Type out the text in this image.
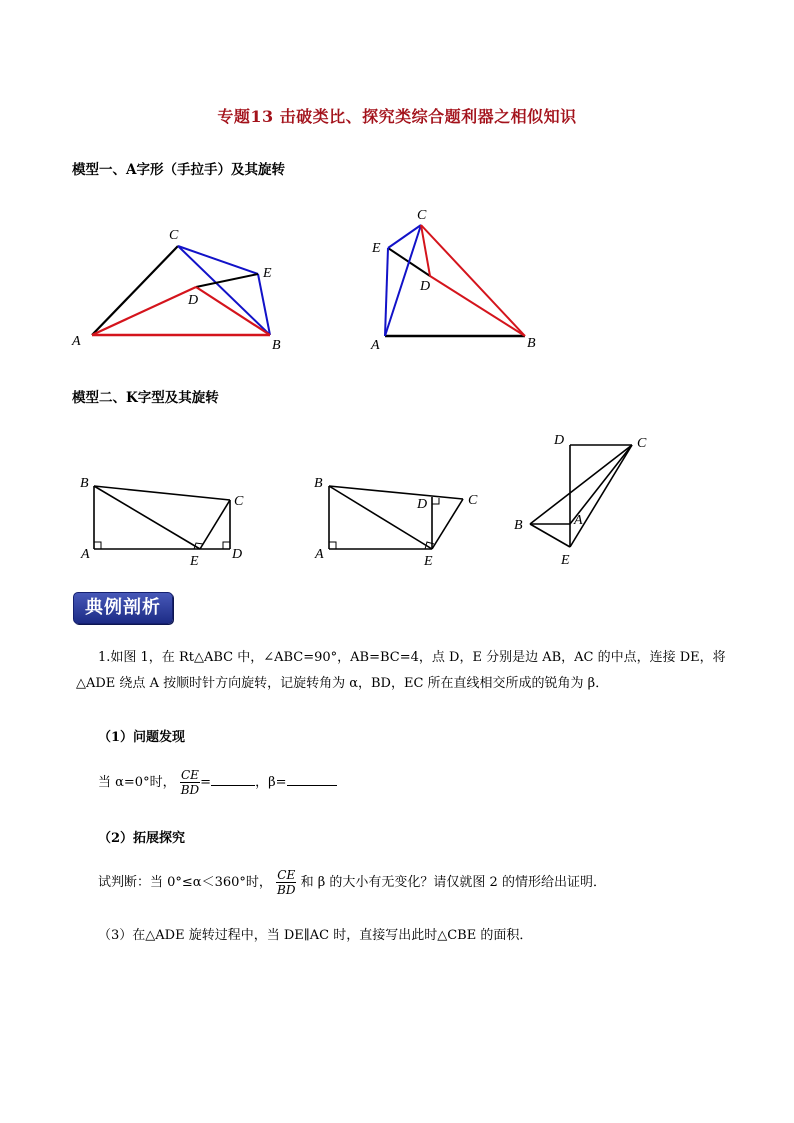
专题13 击破类比、探究类综合题利器之相似知识
模型一、A字形（手拉手）及其旋转
A	B
C
D
E
A	B
C
D
E
模型二、K字型及其旋转
B
C
A	E D
B
D	C
A	E
D	C
B	A
E
典例剖析
1.如图 1，在 Rt△ABC 中，∠ABC=90°，AB=BC=4，点 D，E 分别是边 AB，AC 的中点，连接 DE，将
△ADE 绕点 A 按顺时针方向旋转，记旋转角为 α，BD，EC 所在直线相交所成的锐角为 β．
（1）问题发现
当 α=0°时， $\frac{CE}{BD}$ =	，β=
（2）拓展探究
试判断：当 0°≤α＜360°时， $\frac{CE}{BD}$ 和 β 的大小有无变化？请仅就图 2 的情形给出证明．
（3）在△ADE 旋转过程中，当 DE∥AC 时，直接写出此时△CBE 的面积．
